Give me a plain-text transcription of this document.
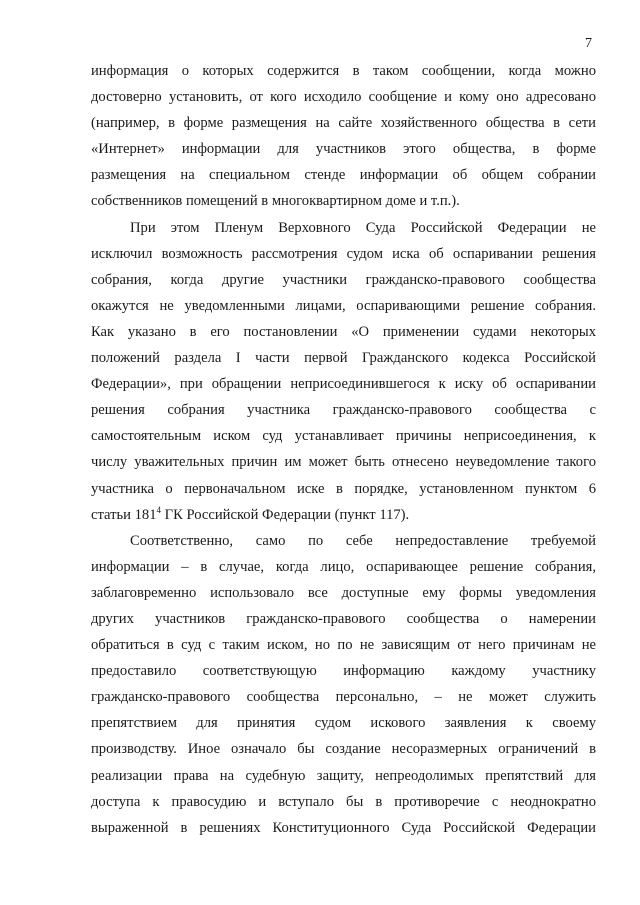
7
информация о которых содержится в таком сообщении, когда можно
достоверно установить, от кого исходило сообщение и кому оно адресовано
(например, в форме размещения на сайте хозяйственного общества в сети
«Интернет» информации для участников этого общества, в форме
размещения на специальном стенде информации об общем собрании
собственников помещений в многоквартирном доме и т.п.).
При этом Пленум Верховного Суда Российской Федерации не
исключил возможность рассмотрения судом иска об оспаривании решения
собрания, когда другие участники гражданско-правового сообщества
окажутся не уведомленными лицами, оспаривающими решение собрания.
Как указано в его постановлении «О применении судами некоторых
положений раздела I части первой Гражданского кодекса Российской
Федерации», при обращении неприсоединившегося к иску об оспаривании
решения собрания участника гражданско-правового сообщества с
самостоятельным иском суд устанавливает причины неприсоединения, к
числу уважительных причин им может быть отнесено неуведомление такого
участника о первоначальном иске в порядке, установленном пунктом 6
статьи $181^4$ ГК Российской Федерации (пункт 117).
Соответственно, само по себе непредоставление требуемой
информации – в случае, когда лицо, оспаривающее решение собрания,
заблаговременно использовало все доступные ему формы уведомления
других участников гражданско-правового сообщества о намерении
обратиться в суд с таким иском, но по не зависящим от него причинам не
предоставило соответствующую информацию каждому участнику
гражданско-правового сообщества персонально, – не может служить
препятствием для принятия судом искового заявления к своему
производству. Иное означало бы создание несоразмерных ограничений в
реализации права на судебную защиту, непреодолимых препятствий для
доступа к правосудию и вступало бы в противоречие с неоднократно
выраженной в решениях Конституционного Суда Российской Федерации
